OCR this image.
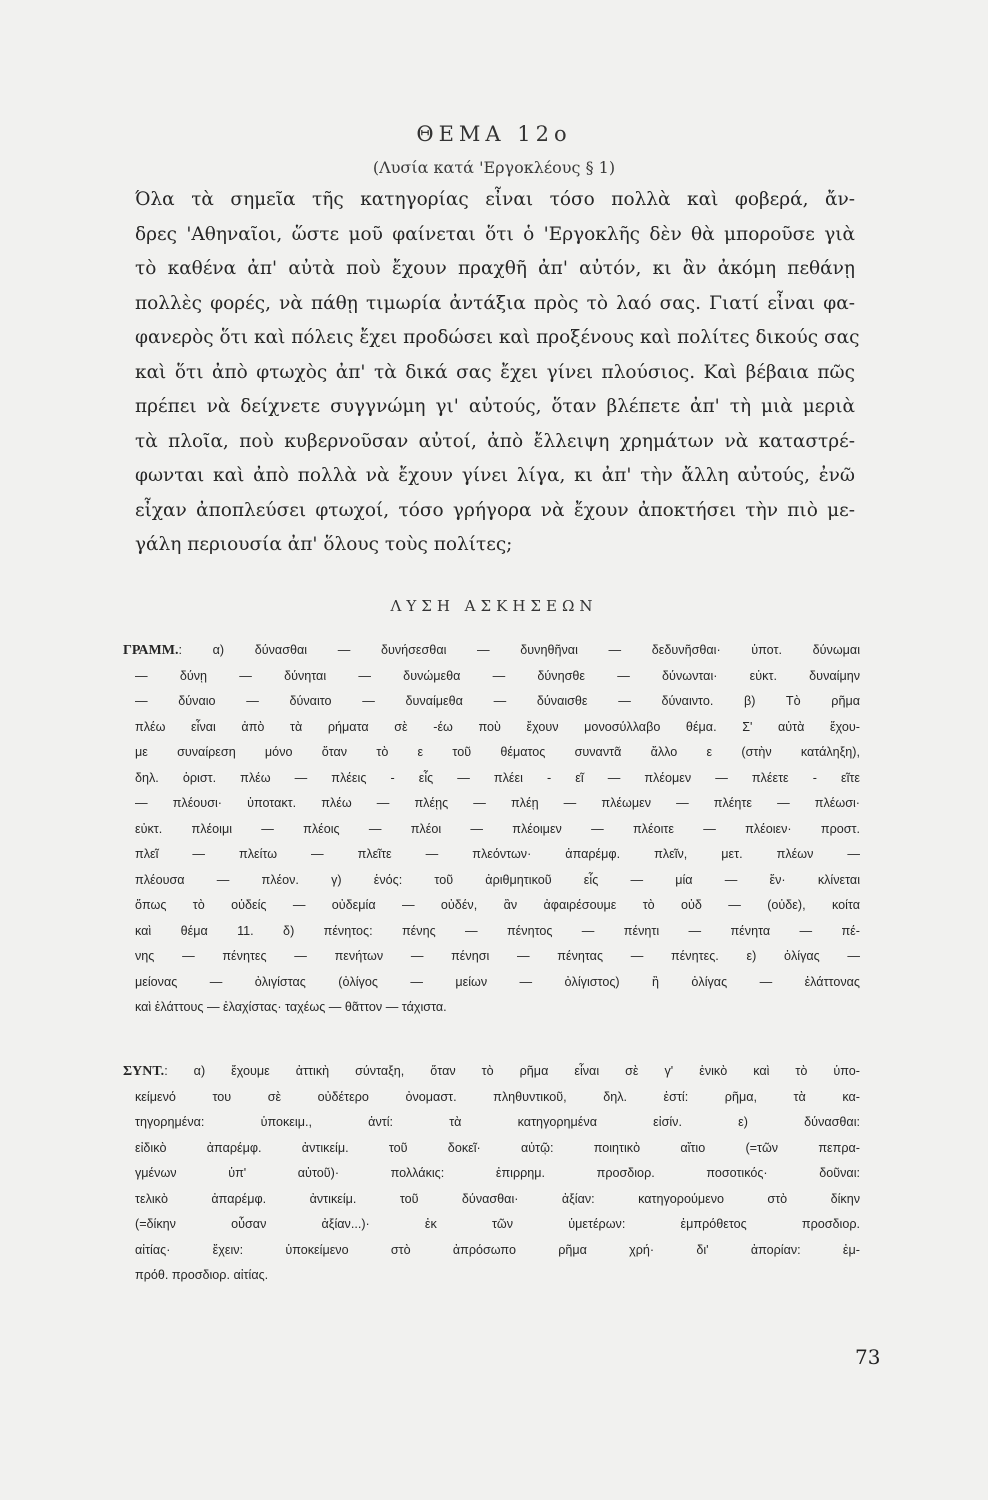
ΘΕΜΑ 12ο
(Λυσία κατά 'Εργοκλέους § 1)
Όλα τὰ σημεῖα τῆς κατηγορίας εἶναι τόσο πολλὰ καὶ φοβερά, ἄν-
δρες 'Αθηναῖοι, ὥστε μοῦ φαίνεται ὅτι ὁ 'Εργοκλῆς δὲν θὰ μποροῦσε γιὰ
τὸ καθένα ἀπ' αὐτὰ ποὺ ἔχουν πραχθῆ ἀπ' αὐτόν, κι ἂν ἀκόμη πεθάνῃ
πολλὲς φορές, νὰ πάθῃ τιμωρία ἀντάξια πρὸς τὸ λαό σας. Γιατί εἶναι φα-
φανερὸς ὅτι καὶ πόλεις ἔχει προδώσει καὶ προξένους καὶ πολίτες δικούς σας
καὶ ὅτι ἀπὸ φτωχὸς ἀπ' τὰ δικά σας ἔχει γίνει πλούσιος. Καὶ βέβαια πῶς
πρέπει νὰ δείχνετε συγγνώμη γι' αὐτούς, ὅταν βλέπετε ἀπ' τὴ μιὰ μεριὰ
τὰ πλοῖα, ποὺ κυβερνοῦσαν αὐτοί, ἀπὸ ἔλλειψη χρημάτων νὰ καταστρέ-
φωνται καὶ ἀπὸ πολλὰ νὰ ἔχουν γίνει λίγα, κι ἀπ' τὴν ἄλλη αὐτούς, ἐνῶ
εἶχαν ἀποπλεύσει φτωχοί, τόσο γρήγορα νὰ ἔχουν ἀποκτήσει τὴν πιὸ με-
γάλη περιουσία ἀπ' ὅλους τοὺς πολίτες;
ΛΥΣΗ ΑΣΚΗΣΕΩΝ
ΓΡΑΜΜ.: α) δύνασθαι — δυνήσεσθαι — δυνηθῆναι — δεδυνῆσθαι· ὑποτ. δύνωμαι
— δύνῃ — δύνηται — δυνώμεθα — δύνησθε — δύνωνται· εὐκτ. δυναίμην
— δύναιο — δύναιτο — δυναίμεθα — δύναισθε — δύναιντο. β) Τὸ ρῆμα
πλέω εἶναι ἀπὸ τὰ ρήματα σὲ -έω ποὺ ἔχουν μονοσύλλαβο θέμα. Σ' αὐτὰ ἔχου-
με συναίρεση μόνο ὅταν τὸ ε τοῦ θέματος συναντᾶ ἄλλο ε (στὴν κατάληξη),
δηλ. ὁριστ. πλέω — πλέεις - εἶς — πλέει - εῖ — πλέομεν — πλέετε - εῖτε
— πλέουσι· ὑποτακτ. πλέω — πλέῃς — πλέῃ — πλέωμεν — πλέητε — πλέωσι·
εὐκτ. πλέοιμι — πλέοις — πλέοι — πλέοιμεν — πλέοιτε — πλέοιεν· προστ.
πλεῖ — πλείτω — πλεῖτε — πλεόντων· ἀπαρέμφ. πλεῖν, μετ. πλέων —
πλέουσα — πλέον. γ) ἑνός: τοῦ ἀριθμητικοῦ εἷς — μία — ἕν· κλίνεται
ὅπως τὸ οὐδείς — οὐδεμία — οὐδέν, ἂν ἀφαιρέσουμε τὸ οὐδ — (οὐδε), κοίτα
καὶ θέμα 11. δ) πένητος: πένης — πένητος — πένητι — πένητα — πέ-
νης — πένητες — πενήτων — πένησι — πένητας — πένητες. ε) ὀλίγας —
μείονας — ὀλιγίστας (ὀλίγος — μείων — ὀλίγιστος) ἢ ὀλίγας — ἐλάττονας
καὶ ἐλάττους — ἐλαχίστας· ταχέως — θᾶττον — τάχιστα.
ΣΥΝΤ.: α) ἔχουμε ἀττικὴ σύνταξη, ὅταν τὸ ρῆμα εἶναι σὲ γ' ἑνικὸ καὶ τὸ ὑπο-
κείμενό του σὲ οὐδέτερο ὀνομαστ. πληθυντικοῦ, δηλ. ἐστί: ρῆμα, τὰ κα-
τηγορημένα: ὑποκειμ., ἀντί: τὰ κατηγορημένα εἰσίν. ε) δύνασθαι:
εἰδικὸ ἀπαρέμφ. ἀντικείμ. τοῦ δοκεῖ· αὐτῷ: ποιητικὸ αἴτιο (=τῶν πεπρα-
γμένων ὑπ' αὐτοῦ)· πολλάκις: ἐπιρρημ. προσδιορ. ποσοτικός· δοῦναι:
τελικὸ ἀπαρέμφ. ἀντικείμ. τοῦ δύνασθαι· ἀξίαν: κατηγορούμενο στὸ δίκην
(=δίκην οὖσαν ἀξίαν...)· ἐκ τῶν ὑμετέρων: ἐμπρόθετος προσδιορ.
αἰτίας· ἔχειν: ὑποκείμενο στὸ ἀπρόσωπο ρῆμα χρή· δι' ἀπορίαν: ἐμ-
πρόθ. προσδιορ. αἰτίας.
73
